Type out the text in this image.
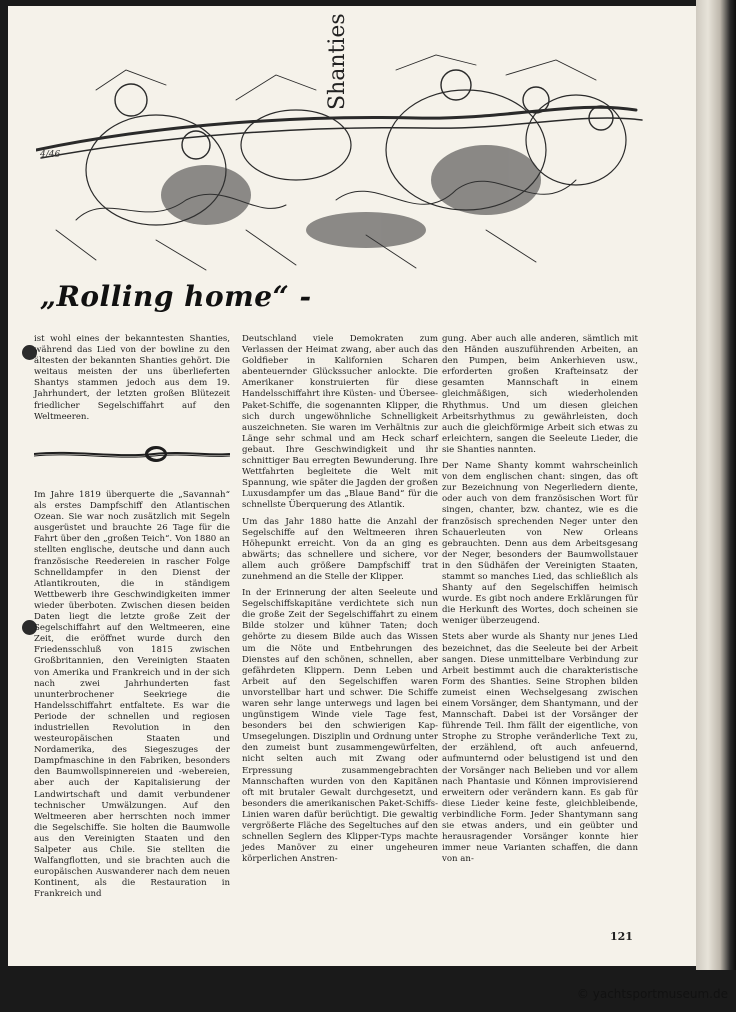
Shanties
4/46
„Rolling home“ -

ist wohl eines der bekanntesten Shanties, während das Lied von der bowline zu den ältesten der bekannten Shanties gehört. Die weitaus meisten der uns überlieferten Shantys stammen jedoch aus dem 19. Jahrhundert, der letzten großen Blütezeit friedlicher Segelschiffahrt auf den Weltmeeren.

Im Jahre 1819 überquerte die „Savannah“ als erstes Dampfschiff den Atlantischen Ozean. Sie war noch zusätzlich mit Segeln ausgerüstet und brauchte 26 Tage für die Fahrt über den „großen Teich“. Von 1880 an stellten englische, deutsche und dann auch französische Reedereien in rascher Folge Schnelldampfer in den Dienst der Atlantikrouten, die in ständigem Wettbewerb ihre Geschwindigkeiten immer wieder überboten. Zwischen diesen beiden Daten liegt die letzte große Zeit der Segelschiffahrt auf den Weltmeeren, eine Zeit, die eröffnet wurde durch den Friedensschluß von 1815 zwischen Großbritannien, den Vereinigten Staaten von Amerika und Frankreich und in der sich nach zwei Jahrhunderten fast ununterbrochener Seekriege die Handelsschiffahrt entfaltete. Es war die Periode der schnellen und regiosen industriellen Revolution in den westeuropäischen Staaten und Nordamerika, des Siegeszuges der Dampfmaschine in den Fabriken, besonders den Baumwollspinnereien und -webereien, aber auch der Kapitalisierung der Landwirtschaft und damit verbundener technischer Umwälzungen. Auf den Weltmeeren aber herrschten noch immer die Segelschiffe. Sie holten die Baumwolle aus den Vereinigten Staaten und den Salpeter aus Chile. Sie stellten die Walfangflotten, und sie brachten auch die europäischen Auswanderer nach dem neuen Kontinent, als die Restauration in Frankreich und

Deutschland viele Demokraten zum Verlassen der Heimat zwang, aber auch das Goldfieber in Kalifornien Scharen abenteuernder Glückssucher anlockte. Die Amerikaner konstruierten für diese Handelsschiffahrt ihre Küsten- und Übersee-Paket-Schiffe, die sogenannten Klipper, die sich durch ungewöhnliche Schnelligkeit auszeichneten. Sie waren im Verhältnis zur Länge sehr schmal und am Heck scharf gebaut. Ihre Geschwindigkeit und ihr schnittiger Bau erregten Bewunderung. Ihre Wettfahrten begleitete die Welt mit Spannung, wie später die Jagden der großen Luxusdampfer um das „Blaue Band“ für die schnellste Überquerung des Atlantik.

Um das Jahr 1880 hatte die Anzahl der Segelschiffe auf den Weltmeeren ihren Höhepunkt erreicht. Von da an ging es abwärts; das schnellere und sichere, vor allem auch größere Dampfschiff trat zunehmend an die Stelle der Klipper.

In der Erinnerung der alten Seeleute und Segelschiffskapitäne verdichtete sich nun die große Zeit der Segelschiffahrt zu einem Bilde stolzer und kühner Taten; doch gehörte zu diesem Bilde auch das Wissen um die Nöte und Entbehrungen des Dienstes auf den schönen, schnellen, aber gefährdeten Klippern. Denn Leben und Arbeit auf den Segelschiffen waren unvorstellbar hart und schwer. Die Schiffe waren sehr lange unterwegs und lagen bei ungünstigem Winde viele Tage fest, besonders bei den schwierigen Kap-Umsegelungen. Disziplin und Ordnung unter den zumeist bunt zusammengewürfelten, nicht selten auch mit Zwang oder Erpressung zusammengebrachten Mannschaften wurden von den Kapitänen oft mit brutaler Gewalt durchgesetzt, und besonders die amerikanischen Paket-Schiffs-Linien waren dafür berüchtigt. Die gewaltig vergrößerte Fläche des Segeltuches auf den schnellen Seglern des Klipper-Typs machte jedes Manöver zu einer ungeheuren körperlichen Anstren-

gung. Aber auch alle anderen, sämtlich mit den Händen auszuführenden Arbeiten, an den Pumpen, beim Ankerhieven usw., erforderten großen Krafteinsatz der gesamten Mannschaft in einem gleichmäßigen, sich wiederholenden Rhythmus. Und um diesen gleichen Arbeitsrhythmus zu gewährleisten, doch auch die gleichförmige Arbeit sich etwas zu erleichtern, sangen die Seeleute Lieder, die sie Shanties nannten.

Der Name Shanty kommt wahrscheinlich von dem englischen chant: singen, das oft zur Bezeichnung von Negerliedern diente, oder auch von dem französischen Wort für singen, chanter, bzw. chantez, wie es die französisch sprechenden Neger unter den Schauerleuten von New Orleans gebrauchten. Denn aus dem Arbeitsgesang der Neger, besonders der Baumwollstauer in den Südhäfen der Vereinigten Staaten, stammt so manches Lied, das schließlich als Shanty auf den Segelschiffen heimisch wurde. Es gibt noch andere Erklärungen für die Herkunft des Wortes, doch scheinen sie weniger überzeugend.

Stets aber wurde als Shanty nur jenes Lied bezeichnet, das die Seeleute bei der Arbeit sangen. Diese unmittelbare Verbindung zur Arbeit bestimmt auch die charakteristische Form des Shanties. Seine Strophen bilden zumeist einen Wechselgesang zwischen einem Vorsänger, dem Shantymann, und der Mannschaft. Dabei ist der Vorsänger der führende Teil. Ihm fällt der eigentliche, von Strophe zu Strophe veränderliche Text zu, der erzählend, oft auch anfeuernd, aufmunternd oder belustigend ist und den der Vorsänger nach Belieben und vor allem nach Phantasie und Können improvisierend erweitern oder verändern kann. Es gab für diese Lieder keine feste, gleichbleibende, verbindliche Form. Jeder Shantymann sang sie etwas anders, und ein geübter und herausragender Vorsänger konnte hier immer neue Varianten schaffen, die dann von an-

121
© yachtsportmuseum.de
